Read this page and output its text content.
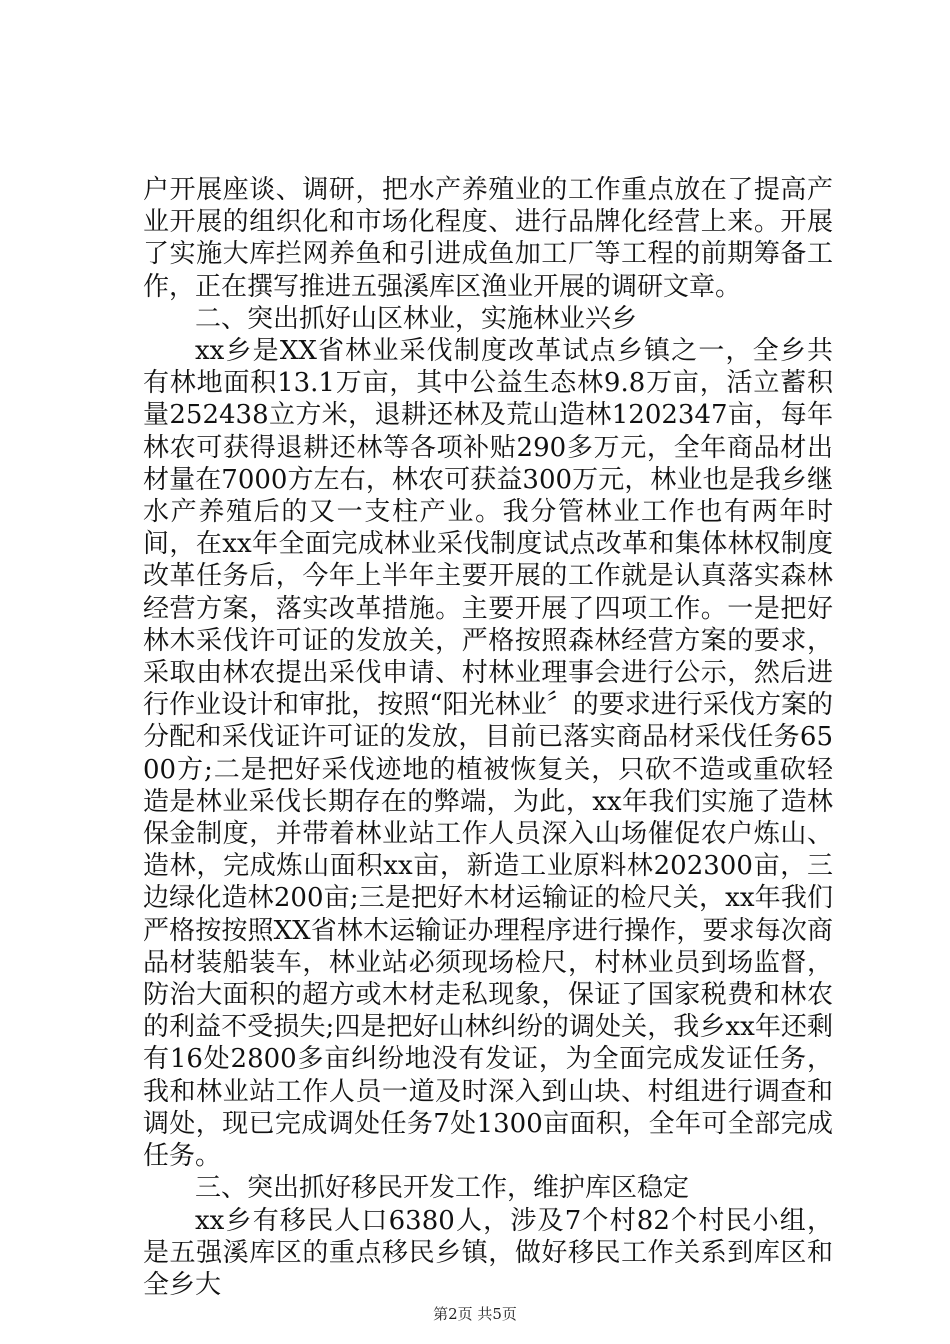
户开展座谈、调研，把水产养殖业的工作重点放在了提高产业开展的组织化和市场化程度、进行品牌化经营上来。开展了实施大库拦网养鱼和引进成鱼加工厂等工程的前期筹备工作，正在撰写推进五强溪库区渔业开展的调研文章。

二、突出抓好山区林业，实施林业兴乡

xx乡是XX省林业采伐制度改革试点乡镇之一，全乡共有林地面积13.1万亩，其中公益生态林9.8万亩，活立蓄积量252438立方米，退耕还林及荒山造林1202347亩，每年林农可获得退耕还林等各项补贴290多万元，全年商品材出材量在7000方左右，林农可获益300万元，林业也是我乡继水产养殖后的又一支柱产业。我分管林业工作也有两年时间，在xx年全面完成林业采伐制度试点改革和集体林权制度改革任务后，今年上半年主要开展的工作就是认真落实森林经营方案，落实改革措施。主要开展了四项工作。一是把好林木采伐许可证的发放关，严格按照森林经营方案的要求，采取由林农提出采伐申请、村林业理事会进行公示，然后进行作业设计和审批，按照“阳光林业〞的要求进行采伐方案的分配和采伐证许可证的发放，目前已落实商品材采伐任务6500方;二是把好采伐迹地的植被恢复关，只砍不造或重砍轻造是林业采伐长期存在的弊端，为此，xx年我们实施了造林保金制度，并带着林业站工作人员深入山场催促农户炼山、造林，完成炼山面积xx亩，新造工业原料林202300亩，三边绿化造林200亩;三是把好木材运输证的检尺关，xx年我们严格按按照XX省林木运输证办理程序进行操作，要求每次商品材装船装车，林业站必须现场检尺，村林业员到场监督，防治大面积的超方或木材走私现象，保证了国家税费和林农的利益不受损失;四是把好山林纠纷的调处关，我乡xx年还剩有16处2800多亩纠纷地没有发证，为全面完成发证任务，我和林业站工作人员一道及时深入到山块、村组进行调查和调处，现已完成调处任务7处1300亩面积，全年可全部完成任务。

三、突出抓好移民开发工作，维护库区稳定

xx乡有移民人口6380人，涉及7个村82个村民小组，是五强溪库区的重点移民乡镇，做好移民工作关系到库区和全乡大

第2页 共5页
